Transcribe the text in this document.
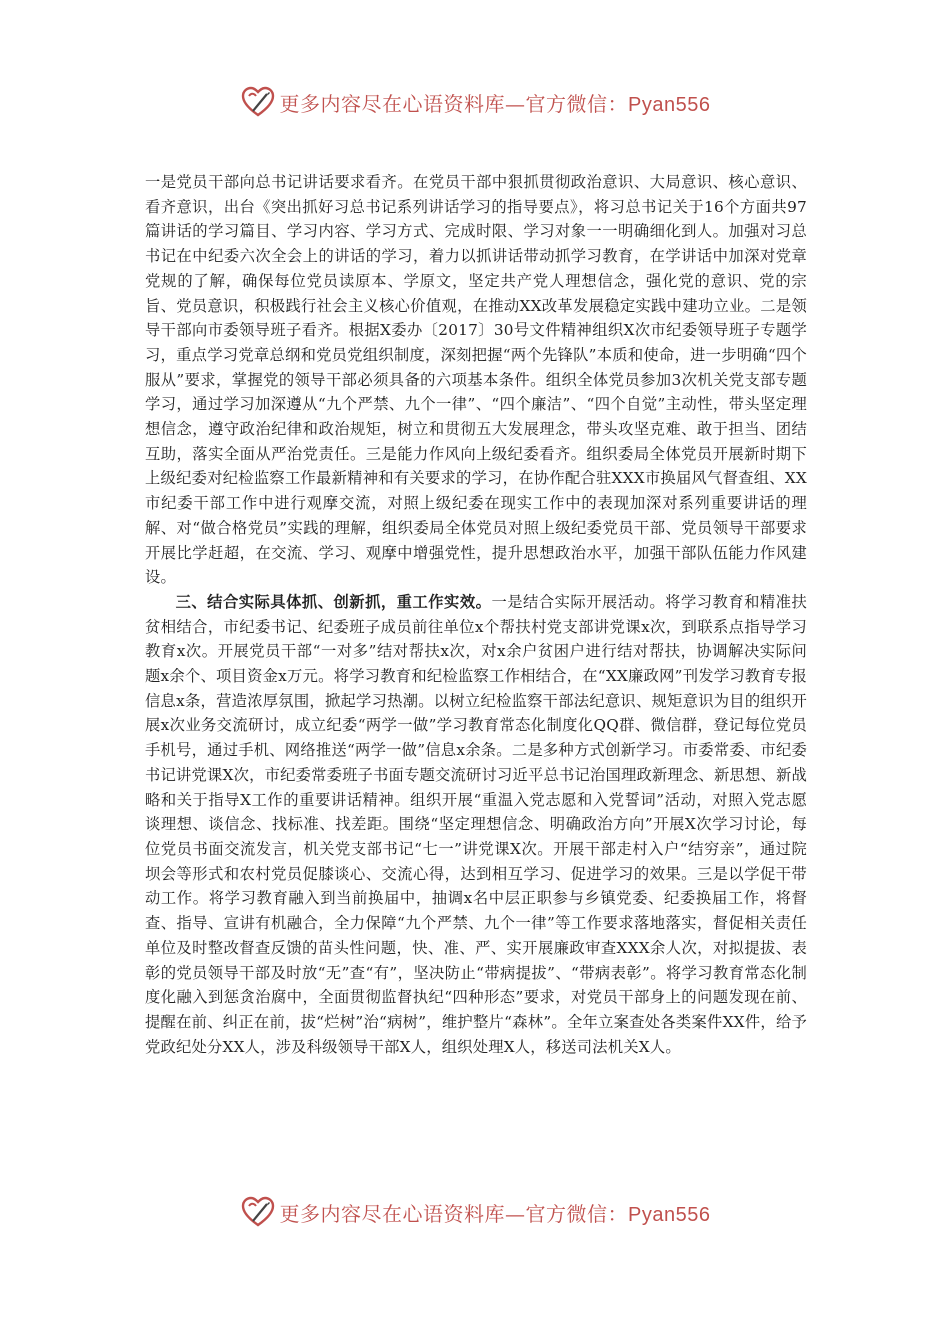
更多内容尽在心语资料库—官方微信：Pyan556

一是党员干部向总书记讲话要求看齐。在党员干部中狠抓贯彻政治意识、大局意识、核心意识、看齐意识，出台《突出抓好习总书记系列讲话学习的指导要点》，将习总书记关于16个方面共97篇讲话的学习篇目、学习内容、学习方式、完成时限、学习对象一一明确细化到人。加强对习总书记在中纪委六次全会上的讲话的学习，着力以抓讲话带动抓学习教育，在学讲话中加深对党章党规的了解，确保每位党员读原本、学原文，坚定共产党人理想信念，强化党的意识、党的宗旨、党员意识，积极践行社会主义核心价值观，在推动XX改革发展稳定实践中建功立业。二是领导干部向市委领导班子看齐。根据X委办〔2017〕30号文件精神组织X次市纪委领导班子专题学习，重点学习党章总纲和党员党组织制度，深刻把握“两个先锋队”本质和使命，进一步明确“四个服从”要求，掌握党的领导干部必须具备的六项基本条件。组织全体党员参加3次机关党支部专题学习，通过学习加深遵从“九个严禁、九个一律”、“四个廉洁”、“四个自觉”主动性，带头坚定理想信念，遵守政治纪律和政治规矩，树立和贯彻五大发展理念，带头攻坚克难、敢于担当、团结互助，落实全面从严治党责任。三是能力作风向上级纪委看齐。组织委局全体党员开展新时期下上级纪委对纪检监察工作最新精神和有关要求的学习，在协作配合驻XXX市换届风气督查组、XX市纪委干部工作中进行观摩交流，对照上级纪委在现实工作中的表现加深对系列重要讲话的理解、对“做合格党员”实践的理解，组织委局全体党员对照上级纪委党员干部、党员领导干部要求开展比学赶超，在交流、学习、观摩中增强党性，提升思想政治水平，加强干部队伍能力作风建设。

三、结合实际具体抓、创新抓，重工作实效。一是结合实际开展活动。将学习教育和精准扶贫相结合，市纪委书记、纪委班子成员前往单位x个帮扶村党支部讲党课x次，到联系点指导学习教育x次。开展党员干部“一对多”结对帮扶x次，对x余户贫困户进行结对帮扶，协调解决实际问题x余个、项目资金x万元。将学习教育和纪检监察工作相结合，在“XX廉政网”刊发学习教育专报信息x条，营造浓厚氛围，掀起学习热潮。以树立纪检监察干部法纪意识、规矩意识为目的组织开展x次业务交流研讨，成立纪委“两学一做”学习教育常态化制度化QQ群、微信群，登记每位党员手机号，通过手机、网络推送“两学一做”信息x余条。二是多种方式创新学习。市委常委、市纪委书记讲党课X次，市纪委常委班子书面专题交流研讨习近平总书记治国理政新理念、新思想、新战略和关于指导X工作的重要讲话精神。组织开展“重温入党志愿和入党誓词”活动，对照入党志愿谈理想、谈信念、找标准、找差距。围绕“坚定理想信念、明确政治方向”开展X次学习讨论，每位党员书面交流发言，机关党支部书记“七一”讲党课X次。开展干部走村入户“结穷亲”，通过院坝会等形式和农村党员促膝谈心、交流心得，达到相互学习、促进学习的效果。三是以学促干带动工作。将学习教育融入到当前换届中，抽调x名中层正职参与乡镇党委、纪委换届工作，将督查、指导、宣讲有机融合，全力保障“九个严禁、九个一律”等工作要求落地落实，督促相关责任单位及时整改督查反馈的苗头性问题，快、准、严、实开展廉政审查XXX余人次，对拟提拔、表彰的党员领导干部及时放“无”查“有”，坚决防止“带病提拔”、“带病表彰”。将学习教育常态化制度化融入到惩贪治腐中，全面贯彻监督执纪“四种形态”要求，对党员干部身上的问题发现在前、提醒在前、纠正在前，拔“烂树”治“病树”，维护整片“森林”。全年立案查处各类案件XX件，给予党政纪处分XX人，涉及科级领导干部X人，组织处理X人，移送司法机关X人。

更多内容尽在心语资料库—官方微信：Pyan556
